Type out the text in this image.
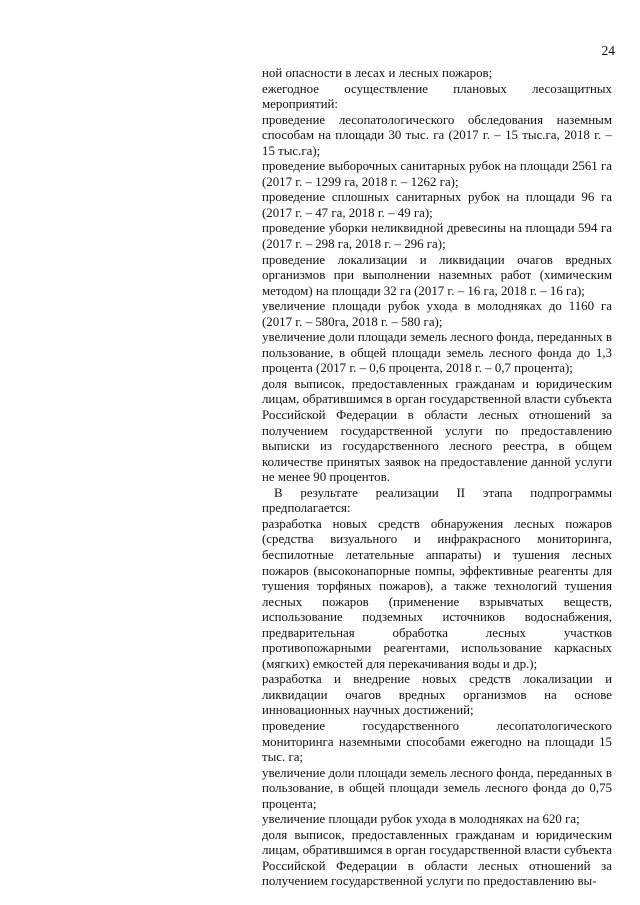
24

ной опасности в лесах и лесных пожаров;

ежегодное осуществление плановых лесозащитных мероприятий:

проведение лесопатологического обследования наземным способам на площади 30 тыс. га (2017 г. – 15 тыс.га, 2018 г. – 15 тыс.га);

проведение выборочных санитарных рубок на площади 2561 га (2017 г. – 1299 га, 2018 г. – 1262 га);

проведение сплошных санитарных рубок на площади 96 га (2017 г. – 47 га, 2018 г. – 49 га);

проведение уборки неликвидной древесины на площади 594 га (2017 г. – 298 га, 2018 г. – 296 га);

проведение локализации и ликвидации очагов вредных организмов при выполнении наземных работ (химическим методом) на площади 32 га (2017 г. – 16 га, 2018 г. – 16 га);

увеличение площади рубок ухода в молодняках до 1160 га (2017 г. – 580га, 2018 г. – 580 га);

увеличение доли площади земель лесного фонда, переданных в пользование, в общей площади земель лесного фонда до 1,3 процента (2017 г. – 0,6 процента, 2018 г. – 0,7 процента);

доля выписок, предоставленных гражданам и юридическим лицам, обратившимся в орган государственной власти субъекта Российской Федерации в области лесных отношений за получением государственной услуги по предоставлению выписки из государственного лесного реестра, в общем количестве принятых заявок на предоставление данной услуги не менее 90 процентов.

В результате реализации II этапа подпрограммы предполагается:

разработка новых средств обнаружения лесных пожаров (средства визуального и инфракрасного мониторинга, беспилотные летательные аппараты) и тушения лесных пожаров (высоконапорные помпы, эффективные реагенты для тушения торфяных пожаров), а также технологий тушения лесных пожаров (применение взрывчатых веществ, использование подземных источников водоснабжения, предварительная обработка лесных участков противопожарными реагентами, использование каркасных (мягких) емкостей для перекачивания воды и др.);

разработка и внедрение новых средств локализации и ликвидации очагов вредных организмов на основе инновационных научных достижений;

проведение государственного лесопатологического мониторинга наземными способами ежегодно на площади 15 тыс. га;

увеличение доли площади земель лесного фонда, переданных в пользование, в общей площади земель лесного фонда до 0,75 процента;

увеличение площади рубок ухода в молодняках на 620 га;

доля выписок, предоставленных гражданам и юридическим лицам, обратившимся в орган государственной власти субъекта Российской Федерации в области лесных отношений за получением государственной услуги по предоставлению вы-
